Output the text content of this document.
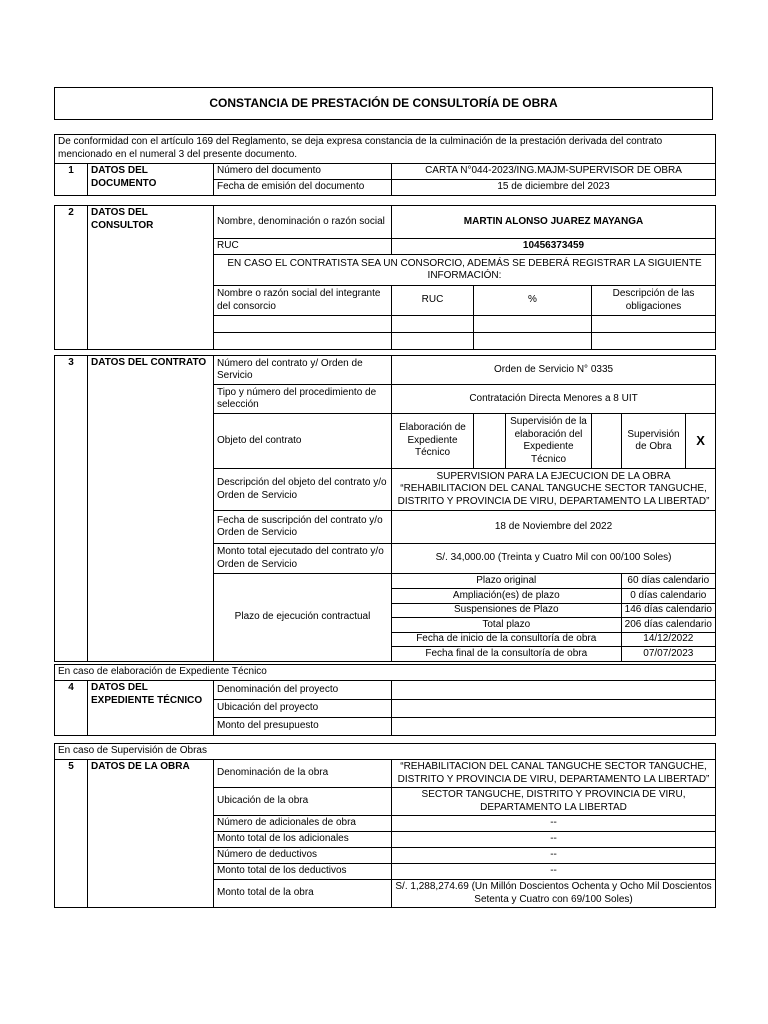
CONSTANCIA DE PRESTACIÓN DE CONSULTORÍA DE OBRA
De conformidad con el artículo 169 del Reglamento, se deja expresa constancia de la culminación de la prestación derivada del contrato mencionado en el numeral 3 del presente documento.			
1	DATOS DEL DOCUMENTO	Número del documento	CARTA N°044-2023/ING.MAJM-SUPERVISOR DE OBRA
		Fecha de emisión del documento	15 de diciembre del 2023
2	DATOS DEL CONSULTOR	Nombre, denominación o razón social	MARTIN ALONSO JUAREZ MAYANGA		
		RUC	10456373459		
		EN CASO EL CONTRATISTA SEA UN CONSORCIO, ADEMÁS SE DEBERÁ REGISTRAR LA SIGUIENTE INFORMACIÓN:			
		Nombre o razón social del integrante del consorcio	RUC	%	Descripción de las obligaciones

3	DATOS DEL CONTRATO	Número del contrato y/ Orden de Servicio	Orden de Servicio N° 0335
Tipo y número del procedimiento de selección	Contratación Directa Menores a 8 UIT
Objeto del contrato	Elaboración de Expediente Técnico		Supervisión de la elaboración del Expediente Técnico		Supervisión de Obra	X
Descripción del objeto del contrato y/o Orden de Servicio	SUPERVISION PARA LA EJECUCION DE LA OBRA “REHABILITACION DEL CANAL TANGUCHE SECTOR TANGUCHE, DISTRITO Y PROVINCIA DE VIRU, DEPARTAMENTO LA LIBERTAD”
Fecha de suscripción del contrato y/o Orden de Servicio	18 de Noviembre del 2022
Monto total ejecutado del contrato y/o Orden de Servicio	S/. 34,000.00 (Treinta y Cuatro Mil con 00/100 Soles)
Plazo de ejecución contractual	
Plazo original	60 días calendario
Ampliación(es) de plazo	0 días calendario
Suspensiones de Plazo	146 días calendario
Total plazo	206 días calendario
Fecha de inicio de la consultoría de obra	14/12/2022
Fecha final de la consultoría de obra	07/07/2023
En caso de elaboración de Expediente Técnico			
4	DATOS DEL EXPEDIENTE TÉCNICO	Denominación del proyecto	
		Ubicación del proyecto	
		Monto del presupuesto	
En caso de Supervisión de Obras			
5	DATOS DE LA OBRA	Denominación de la obra	“REHABILITACION DEL CANAL TANGUCHE SECTOR TANGUCHE, DISTRITO Y PROVINCIA DE VIRU, DEPARTAMENTO LA LIBERTAD”
		Ubicación de la obra	SECTOR TANGUCHE, DISTRITO Y PROVINCIA DE VIRU, DEPARTAMENTO LA LIBERTAD
		Número de adicionales de obra	--
		Monto total de los adicionales	--
		Número de deductivos	--
		Monto total de los deductivos	--
		Monto total de la obra	S/. 1,288,274.69 (Un Millón Doscientos Ochenta y Ocho Mil Doscientos Setenta y Cuatro con 69/100 Soles)
